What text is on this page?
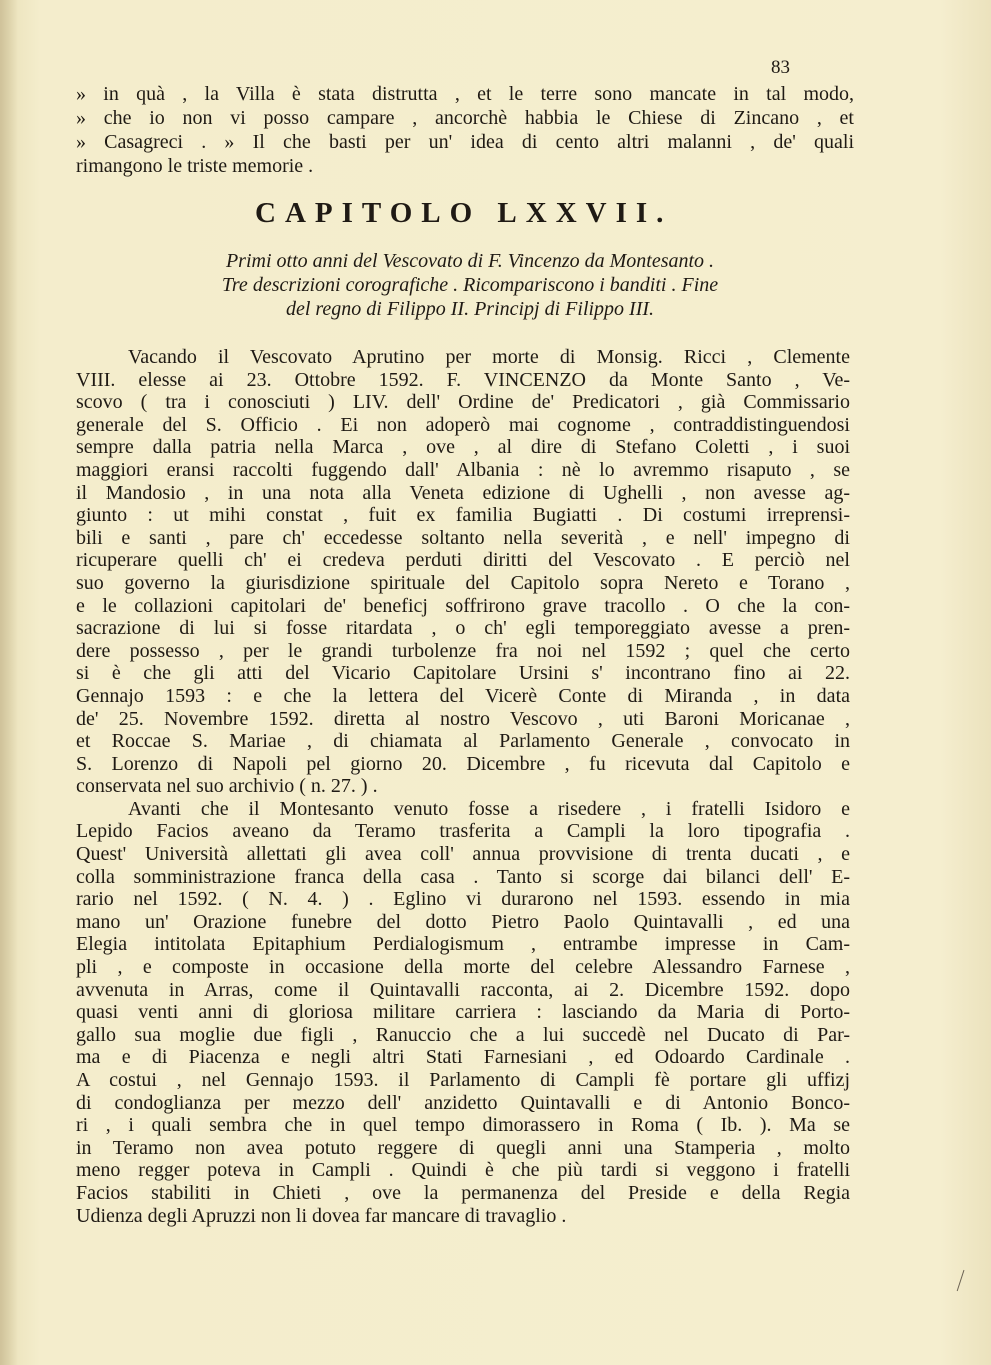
83
» in quà , la Villa è stata distrutta , et le terre sono mancate in tal modo,
» che io non vi posso campare , ancorchè habbia le Chiese di Zincano , et
» Casagreci . » Il che basti per un' idea di cento altri malanni , de' quali
rimangono le triste memorie .
CAPITOLO LXXVII.
Primi otto anni del Vescovato di F. Vincenzo da Montesanto .
Tre descrizioni corografiche . Ricompariscono i banditi . Fine
del regno di Filippo II. Principj di Filippo III.
Vacando il Vescovato Aprutino per morte di Monsig. Ricci , Clemente
VIII. elesse ai 23. Ottobre 1592. F. VINCENZO da Monte Santo , Ve-
scovo ( tra i conosciuti ) LIV. dell' Ordine de' Predicatori , già Commissario
generale del S. Officio . Ei non adoperò mai cognome , contraddistinguendosi
sempre dalla patria nella Marca , ove , al dire di Stefano Coletti , i suoi
maggiori eransi raccolti fuggendo dall' Albania : nè lo avremmo risaputo , se
il Mandosio , in una nota alla Veneta edizione di Ughelli , non avesse ag-
giunto : ut mihi constat , fuit ex familia Bugiatti . Di costumi irreprensi-
bili e santi , pare ch' eccedesse soltanto nella severità , e nell' impegno di
ricuperare quelli ch' ei credeva perduti diritti del Vescovato . E perciò nel
suo governo la giurisdizione spirituale del Capitolo sopra Nereto e Torano ,
e le collazioni capitolari de' beneficj soffrirono grave tracollo . O che la con-
sacrazione di lui si fosse ritardata , o ch' egli temporeggiato avesse a pren-
dere possesso , per le grandi turbolenze fra noi nel 1592 ; quel che certo
si è che gli atti del Vicario Capitolare Ursini s' incontrano fino ai 22.
Gennajo 1593 : e che la lettera del Vicerè Conte di Miranda , in data
de' 25. Novembre 1592. diretta al nostro Vescovo , uti Baroni Moricanae ,
et Roccae S. Mariae , di chiamata al Parlamento Generale , convocato in
S. Lorenzo di Napoli pel giorno 20. Dicembre , fu ricevuta dal Capitolo e
conservata nel suo archivio ( n. 27. ) .
Avanti che il Montesanto venuto fosse a risedere , i fratelli Isidoro e
Lepido Facios aveano da Teramo trasferita a Campli la loro tipografia .
Quest' Università allettati gli avea coll' annua provvisione di trenta ducati , e
colla somministrazione franca della casa . Tanto si scorge dai bilanci dell' E-
rario nel 1592. ( N. 4. ) . Eglino vi durarono nel 1593. essendo in mia
mano un' Orazione funebre del dotto Pietro Paolo Quintavalli , ed una
Elegia intitolata Epitaphium Perdialogismum , entrambe impresse in Cam-
pli , e composte in occasione della morte del celebre Alessandro Farnese ,
avvenuta in Arras, come il Quintavalli racconta, ai 2. Dicembre 1592. dopo
quasi venti anni di gloriosa militare carriera : lasciando da Maria di Porto-
gallo sua moglie due figli , Ranuccio che a lui succedè nel Ducato di Par-
ma e di Piacenza e negli altri Stati Farnesiani , ed Odoardo Cardinale .
A costui , nel Gennajo 1593. il Parlamento di Campli fè portare gli uffizj
di condoglianza per mezzo dell' anzidetto Quintavalli e di Antonio Bonco-
ri , i quali sembra che in quel tempo dimorassero in Roma ( Ib. ). Ma se
in Teramo non avea potuto reggere di quegli anni una Stamperia , molto
meno regger poteva in Campli . Quindi è che più tardi si veggono i fratelli
Facios stabiliti in Chieti , ove la permanenza del Preside e della Regia
Udienza degli Apruzzi non li dovea far mancare di travaglio .
